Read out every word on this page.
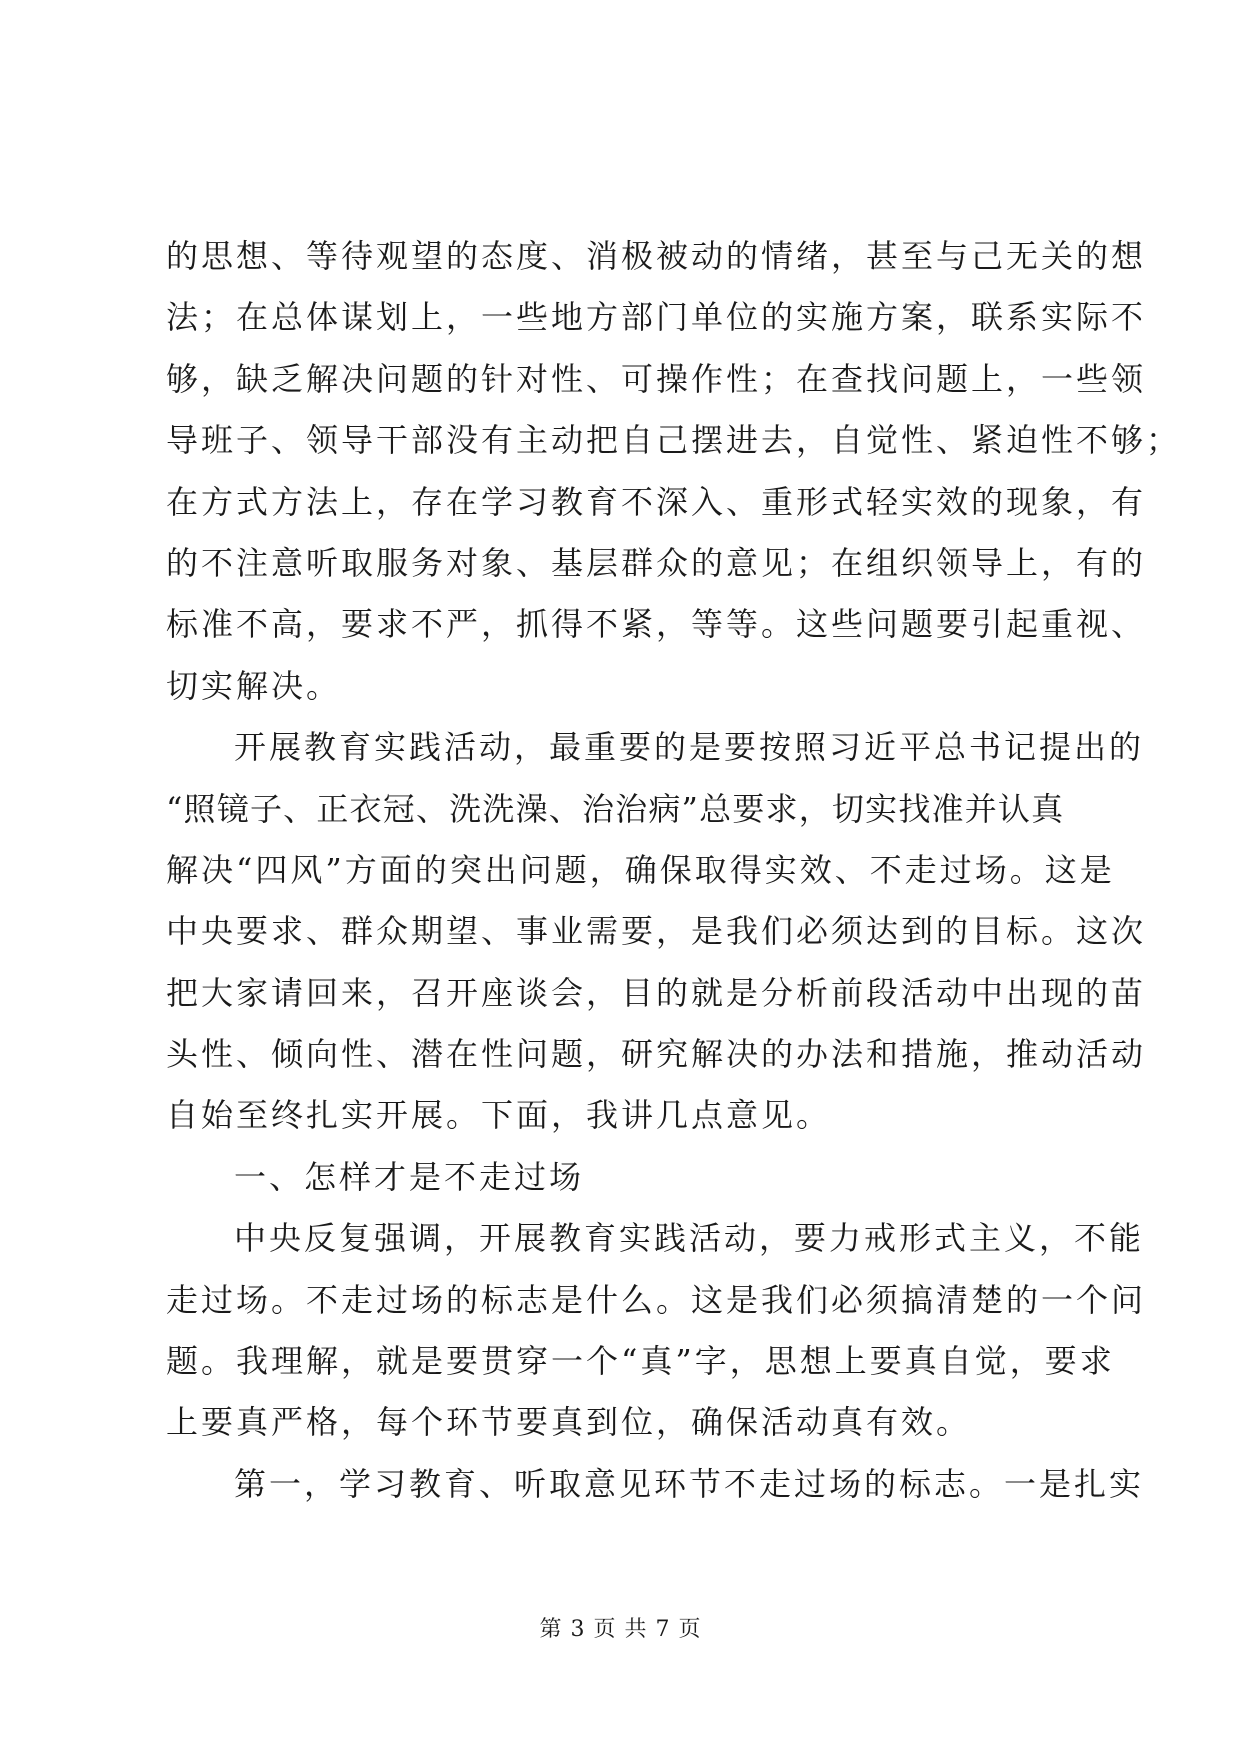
的思想、等待观望的态度、消极被动的情绪，甚至与己无关的想
法；在总体谋划上，一些地方部门单位的实施方案，联系实际不
够，缺乏解决问题的针对性、可操作性；在查找问题上，一些领
导班子、领导干部没有主动把自己摆进去，自觉性、紧迫性不够；
在方式方法上，存在学习教育不深入、重形式轻实效的现象，有
的不注意听取服务对象、基层群众的意见；在组织领导上，有的
标准不高，要求不严，抓得不紧，等等。这些问题要引起重视、
切实解决。
开展教育实践活动，最重要的是要按照习近平总书记提出的
“照镜子、正衣冠、洗洗澡、治治病”总要求，切实找准并认真
解决“四风”方面的突出问题，确保取得实效、不走过场。这是
中央要求、群众期望、事业需要，是我们必须达到的目标。这次
把大家请回来，召开座谈会，目的就是分析前段活动中出现的苗
头性、倾向性、潜在性问题，研究解决的办法和措施，推动活动
自始至终扎实开展。下面，我讲几点意见。
一、怎样才是不走过场
中央反复强调，开展教育实践活动，要力戒形式主义，不能
走过场。不走过场的标志是什么。这是我们必须搞清楚的一个问
题。我理解，就是要贯穿一个“真”字，思想上要真自觉，要求
上要真严格，每个环节要真到位，确保活动真有效。
第一，学习教育、听取意见环节不走过场的标志。一是扎实
第 3 页 共 7 页
